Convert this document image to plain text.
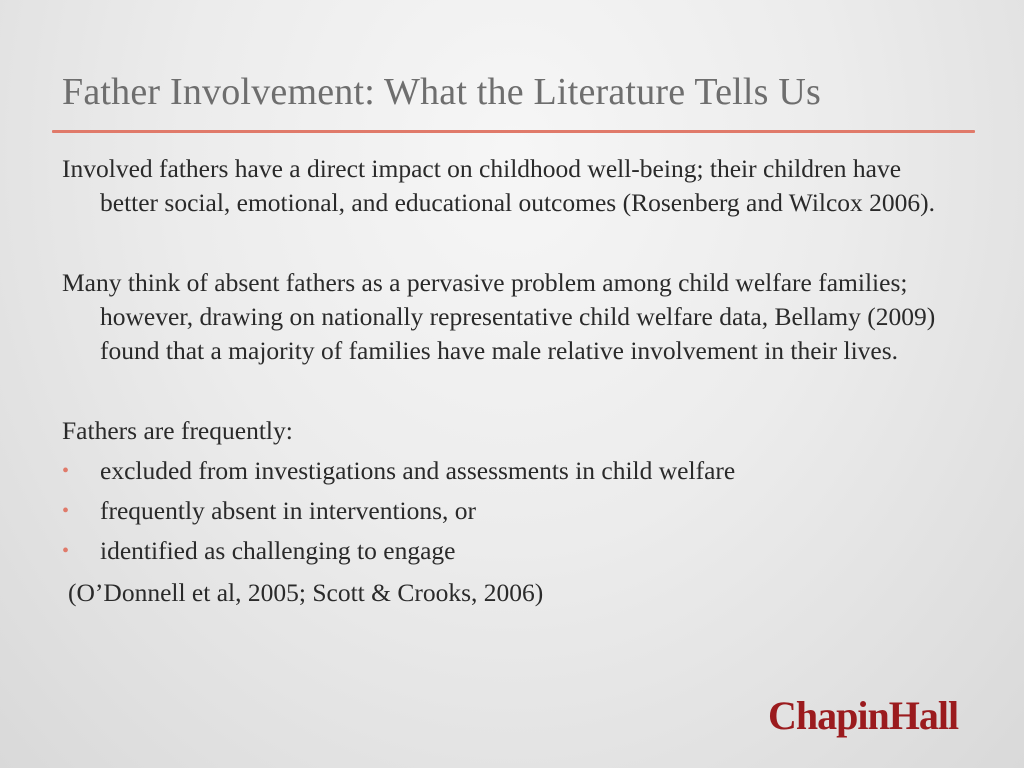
Father Involvement: What the Literature Tells Us

Involved fathers have a direct impact on childhood well-being; their children have better social, emotional, and educational outcomes (Rosenberg and Wilcox 2006).

Many think of absent fathers as a pervasive problem among child welfare families; however, drawing on nationally representative child welfare data, Bellamy (2009) found that a majority of families have male relative involvement in their lives.

Fathers are frequently:

• excluded from investigations and assessments in child welfare
• frequently absent in interventions, or
• identified as challenging to engage

(O’Donnell et al, 2005; Scott & Crooks, 2006)

ChapinHall
